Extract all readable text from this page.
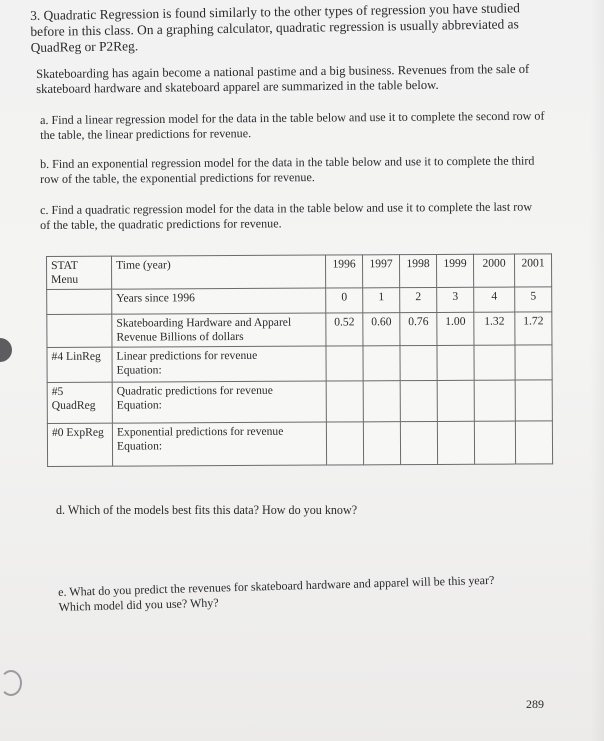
3. Quadratic Regression is found similarly to the other types of regression you have studied before in this class. On a graphing calculator, quadratic regression is usually abbreviated as QuadReg or P2Reg.

Skateboarding has again become a national pastime and a big business. Revenues from the sale of skateboard hardware and skateboard apparel are summarized in the table below.

a. Find a linear regression model for the data in the table below and use it to complete the second row of the table, the linear predictions for revenue.

b. Find an exponential regression model for the data in the table below and use it to complete the third row of the table, the exponential predictions for revenue.

c. Find a quadratic regression model for the data in the table below and use it to complete the last row of the table, the quadratic predictions for revenue.

STAT Menu	Time (year)	1996	1997	1998	1999	2000	2001
	Years since 1996	0	1	2	3	4	5
	Skateboarding Hardware and Apparel Revenue Billions of dollars	0.52	0.60	0.76	1.00	1.32	1.72
#4 LinReg	Linear predictions for revenue
Equation:						
#5 QuadReg	Quadratic predictions for revenue
Equation:						
#0 ExpReg	Exponential predictions for revenue
Equation:						

d. Which of the models best fits this data? How do you know?

e. What do you predict the revenues for skateboard hardware and apparel will be this year? Which model did you use? Why?

289
